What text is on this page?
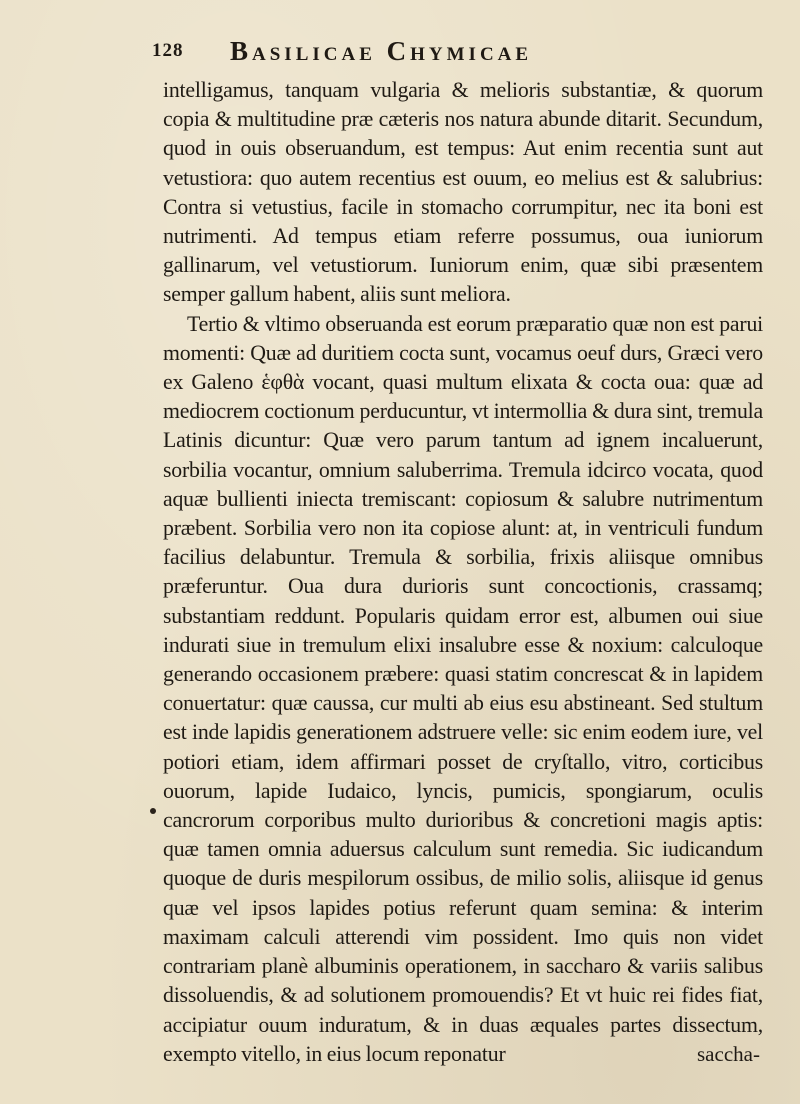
128 Basilicae Chymicae

intelligamus, tanquam vulgaria & melioris substantiæ, & quorum copia & multitudine præ cæteris nos natura abunde ditarit. Secundum, quod in ouis obseruandum, est tempus: Aut enim recentia sunt aut vetustiora: quo autem recentius est ouum, eo melius est & salubrius: Contra si vetustius, facile in stomacho corrumpitur, nec ita boni est nutrimenti. Ad tempus etiam referre possumus, oua iuniorum gallinarum, vel vetustiorum. Iuniorum enim, quæ sibi præsentem semper gallum habent, aliis sunt meliora.

Tertio & vltimo obseruanda est eorum præparatio quæ non est parui momenti: Quæ ad duritiem cocta sunt, vocamus oeuf durs, Græci vero ex Galeno ἑφθὰ vocant, quasi multum elixata & cocta oua: quæ ad mediocrem coctionum perducuntur, vt intermollia & dura sint, tremula Latinis dicuntur: Quæ vero parum tantum ad ignem incaluerunt, sorbilia vocantur, omnium saluberrima. Tremula idcirco vocata, quod aquæ bullienti iniecta tremiscant: copiosum & salubre nutrimentum præbent. Sorbilia vero non ita copiose alunt: at, in ventriculi fundum facilius delabuntur. Tremula & sorbilia, frixis aliisque omnibus præferuntur. Oua dura durioris sunt concoctionis, crassamq; substantiam reddunt. Popularis quidam error est, albumen oui siue indurati siue in tremulum elixi insalubre esse & noxium: calculoque generando occasionem præbere: quasi statim concrescat & in lapidem conuertatur: quæ caussa, cur multi ab eius esu abstineant. Sed stultum est inde lapidis generationem adstruere velle: sic enim eodem iure, vel potiori etiam, idem affirmari posset de cryſtallo, vitro, corticibus ouorum, lapide Iudaico, lyncis, pumicis, spongiarum, oculis cancrorum corporibus multo durioribus & concretioni magis aptis: quæ tamen omnia aduersus calculum sunt remedia. Sic iudicandum quoque de duris mespilorum ossibus, de milio solis, aliisque id genus quæ vel ipsos lapides potius referunt quam semina: & interim maximam calculi atterendi vim possident. Imo quis non videt contrariam planè albuminis operationem, in saccharo & variis salibus dissoluendis, & ad solutionem promouendis? Et vt huic rei fides fiat, accipiatur ouum induratum, & in duas æquales partes dissectum, exempto vitello, in eius locum reponatur	saccha-
